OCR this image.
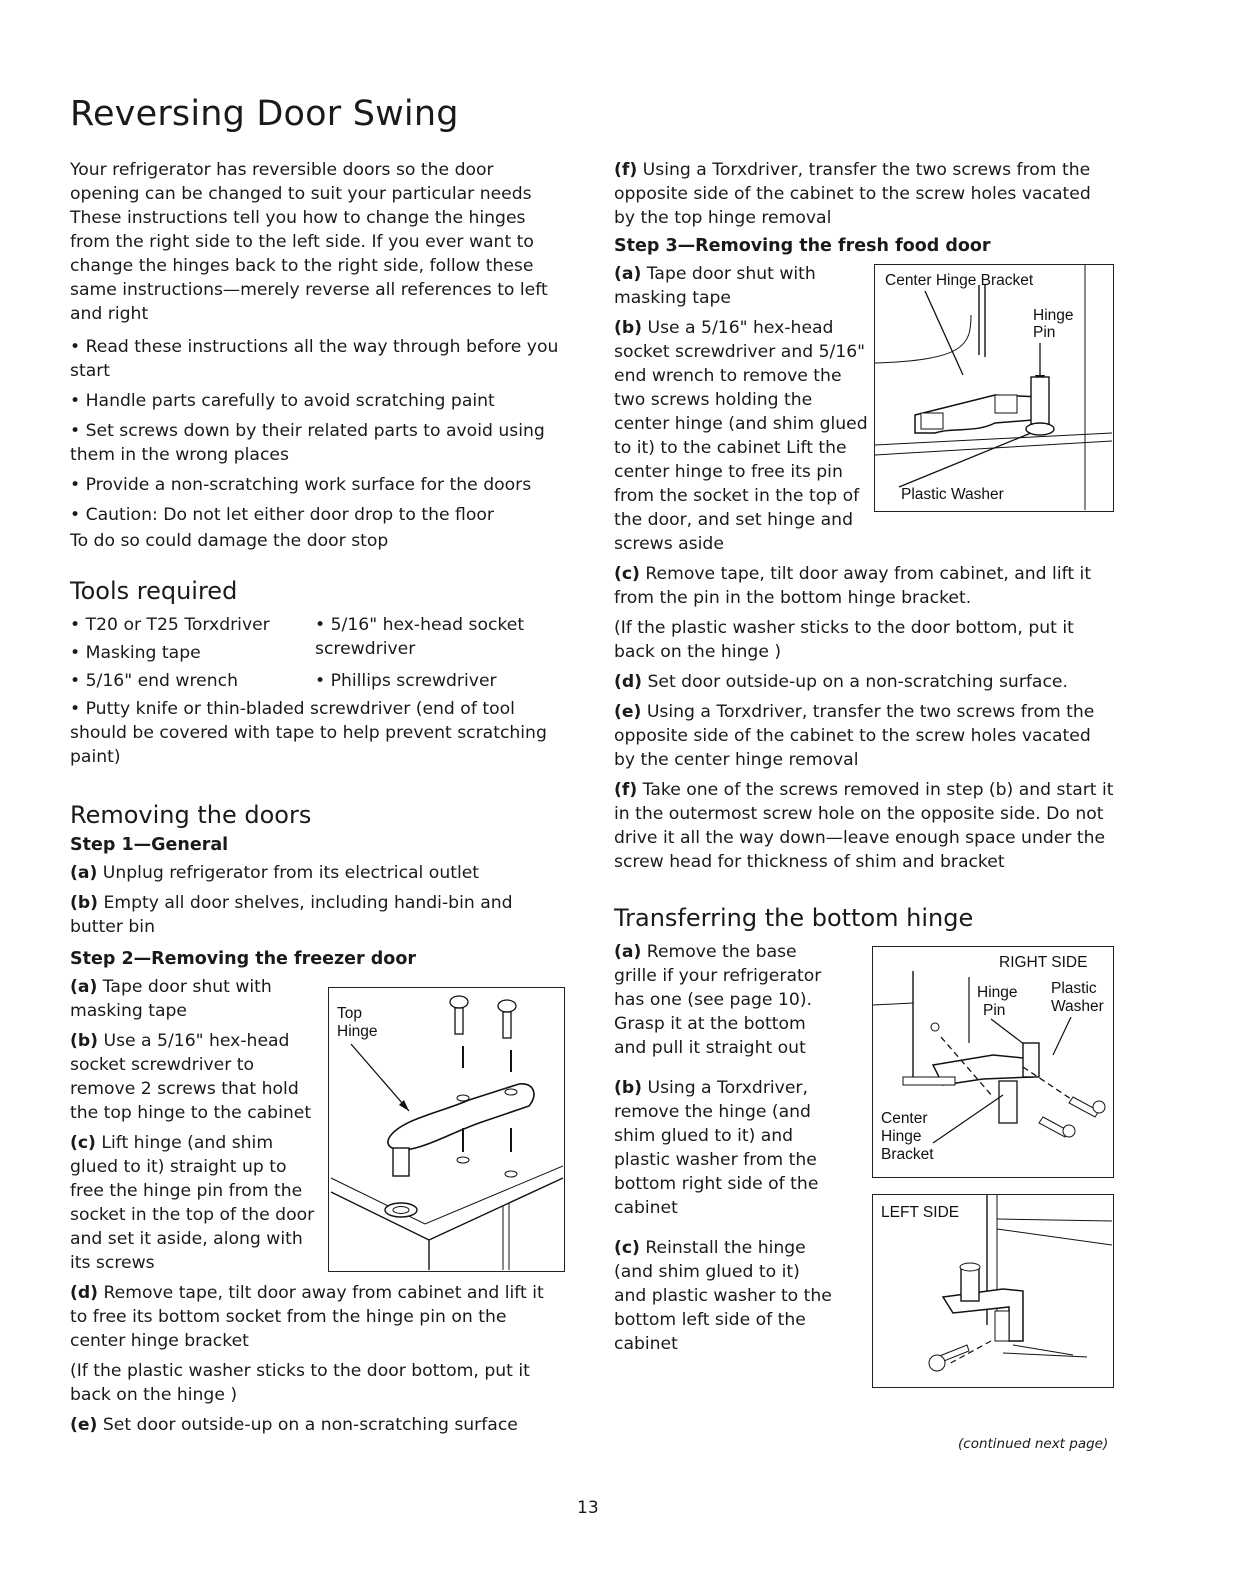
Reversing Door Swing

Your refrigerator has reversible doors so the door opening can be changed to suit your particular needs These instructions tell you how to change the hinges from the right side to the left side. If you ever want to change the hinges back to the right side, follow these same instructions—merely reverse all references to left and right

• Read these instructions all the way through before you start

• Handle parts carefully to avoid scratching paint

• Set screws down by their related parts to avoid using them in the wrong places

• Provide a non-scratching work surface for the doors

• Caution: Do not let either door drop to the floor

To do so could damage the door stop

Tools required

• T20 or T25 Torxdriver	• 5/16" hex-head socket screwdriver

• Masking tape

• 5/16" end wrench	• Phillips screwdriver

• Putty knife or thin-bladed screwdriver (end of tool should be covered with tape to help prevent scratching paint)

Removing the doors
Step 1—General

(a) Unplug refrigerator from its electrical outlet

(b) Empty all door shelves, including handi-bin and butter bin

Step 2—Removing the freezer door
Top
Hinge

(a) Tape door shut with masking tape

(b) Use a 5/16" hex-head socket screwdriver to remove 2 screws that hold the top hinge to the cabinet

(c) Lift hinge (and shim glued to it) straight up to free the hinge pin from the socket in the top of the door and set it aside, along with its screws

(d) Remove tape, tilt door away from cabinet and lift it to free its bottom socket from the hinge pin on the center hinge bracket

(If the plastic washer sticks to the door bottom, put it back on the hinge )

(e) Set door outside-up on a non-scratching surface

(f) Using a Torxdriver, transfer the two screws from the opposite side of the cabinet to the screw holes vacated by the top hinge removal

Step 3—Removing the fresh food door
Center Hinge Bracket
Hinge
Pin
Plastic Washer

(a) Tape door shut with masking tape

(b) Use a 5/16" hex-head socket screwdriver and 5/16" end wrench to remove the two screws holding the center hinge (and shim glued to it) to the cabinet Lift the center hinge to free its pin from the socket in the top of the door, and set hinge and screws aside

(c) Remove tape, tilt door away from cabinet, and lift it from the pin in the bottom hinge bracket.

(If the plastic washer sticks to the door bottom, put it back on the hinge )

(d) Set door outside-up on a non-scratching surface.

(e) Using a Torxdriver, transfer the two screws from the opposite side of the cabinet to the screw holes vacated by the center hinge removal

(f) Take one of the screws removed in step (b) and start it in the outermost screw hole on the opposite side. Do not drive it all the way down—leave enough space under the screw head for thickness of shim and bracket

Transferring the bottom hinge
RIGHT SIDE
Hinge
Pin
Plastic
Washer
Center
Hinge
Bracket
LEFT SIDE

(a) Remove the base grille if your refrigerator has one (see page 10). Grasp it at the bottom and pull it straight out

(b) Using a Torxdriver, remove the hinge (and shim glued to it) and plastic washer from the bottom right side of the cabinet

(c) Reinstall the hinge (and shim glued to it) and plastic washer to the bottom left side of the cabinet

(continued next page)
13
